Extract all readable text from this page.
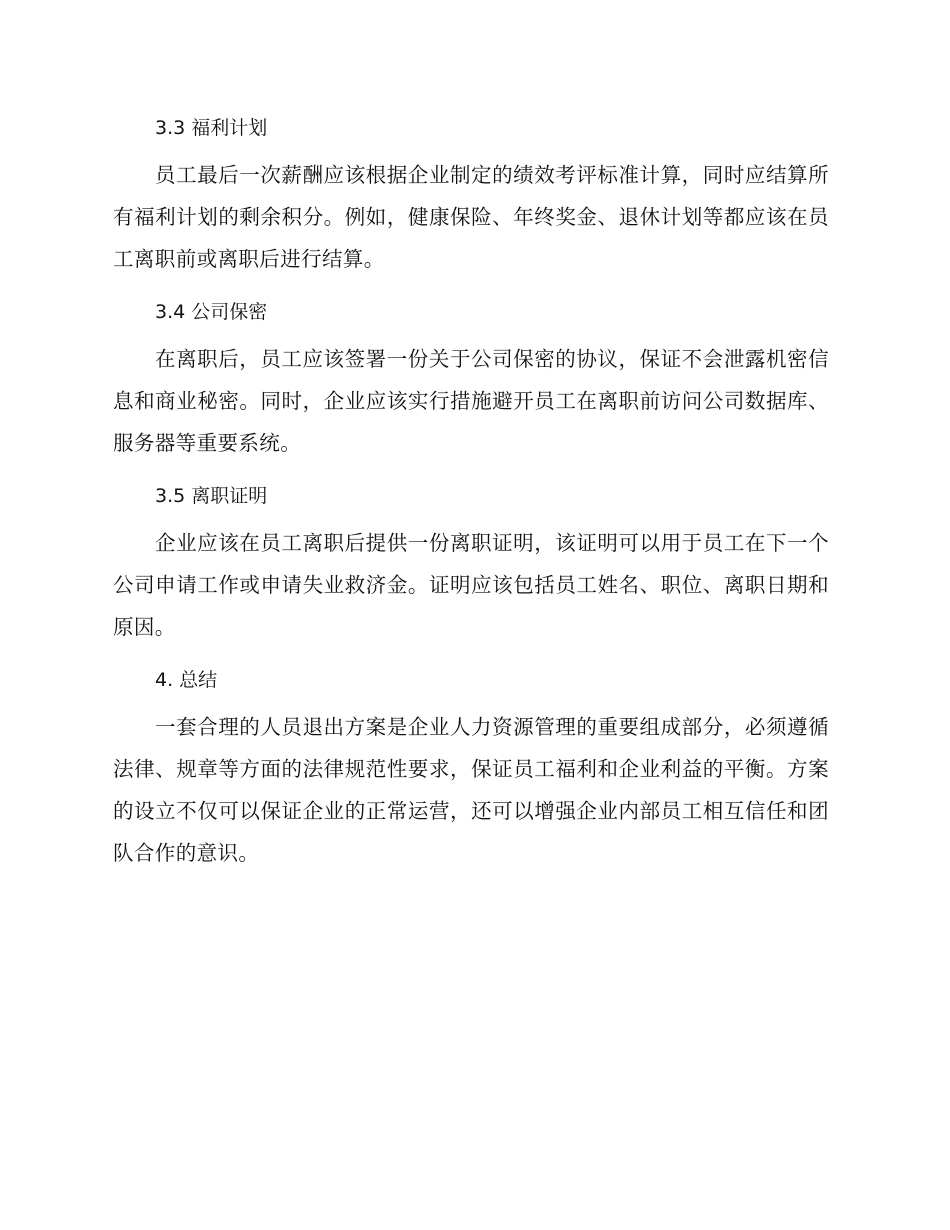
3.3 福利计划

员工最后一次薪酬应该根据企业制定的绩效考评标准计算，同时应结算所有福利计划的剩余积分。例如，健康保险、年终奖金、退休计划等都应该在员工离职前或离职后进行结算。

3.4 公司保密

在离职后，员工应该签署一份关于公司保密的协议，保证不会泄露机密信息和商业秘密。同时，企业应该实行措施避开员工在离职前访问公司数据库、服务器等重要系统。

3.5 离职证明

企业应该在员工离职后提供一份离职证明，该证明可以用于员工在下一个公司申请工作或申请失业救济金。证明应该包括员工姓名、职位、离职日期和原因。

4. 总结

一套合理的人员退出方案是企业人力资源管理的重要组成部分，必须遵循法律、规章等方面的法律规范性要求，保证员工福利和企业利益的平衡。方案的设立不仅可以保证企业的正常运营，还可以增强企业内部员工相互信任和团队合作的意识。
